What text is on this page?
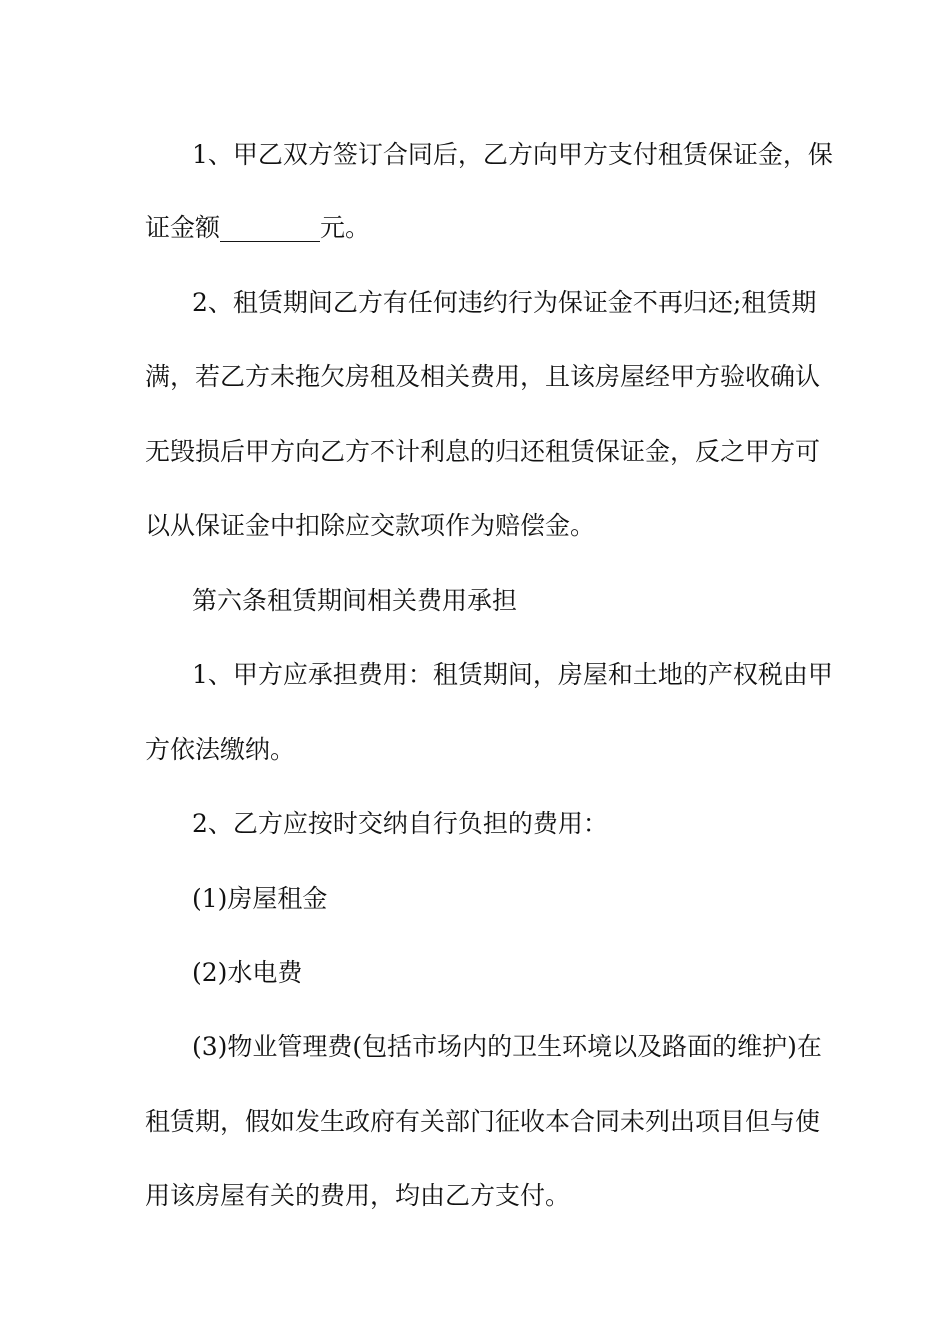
1、甲乙双方签订合同后，乙方向甲方支付租赁保证金，保
证金额________元。
2、租赁期间乙方有任何违约行为保证金不再归还;租赁期
满，若乙方未拖欠房租及相关费用，且该房屋经甲方验收确认
无毁损后甲方向乙方不计利息的归还租赁保证金，反之甲方可
以从保证金中扣除应交款项作为赔偿金。
第六条租赁期间相关费用承担
1、甲方应承担费用：租赁期间，房屋和土地的产权税由甲
方依法缴纳。
2、乙方应按时交纳自行负担的费用：
(1)房屋租金
(2)水电费
(3)物业管理费(包括市场内的卫生环境以及路面的维护)在
租赁期，假如发生政府有关部门征收本合同未列出项目但与使
用该房屋有关的费用，均由乙方支付。
